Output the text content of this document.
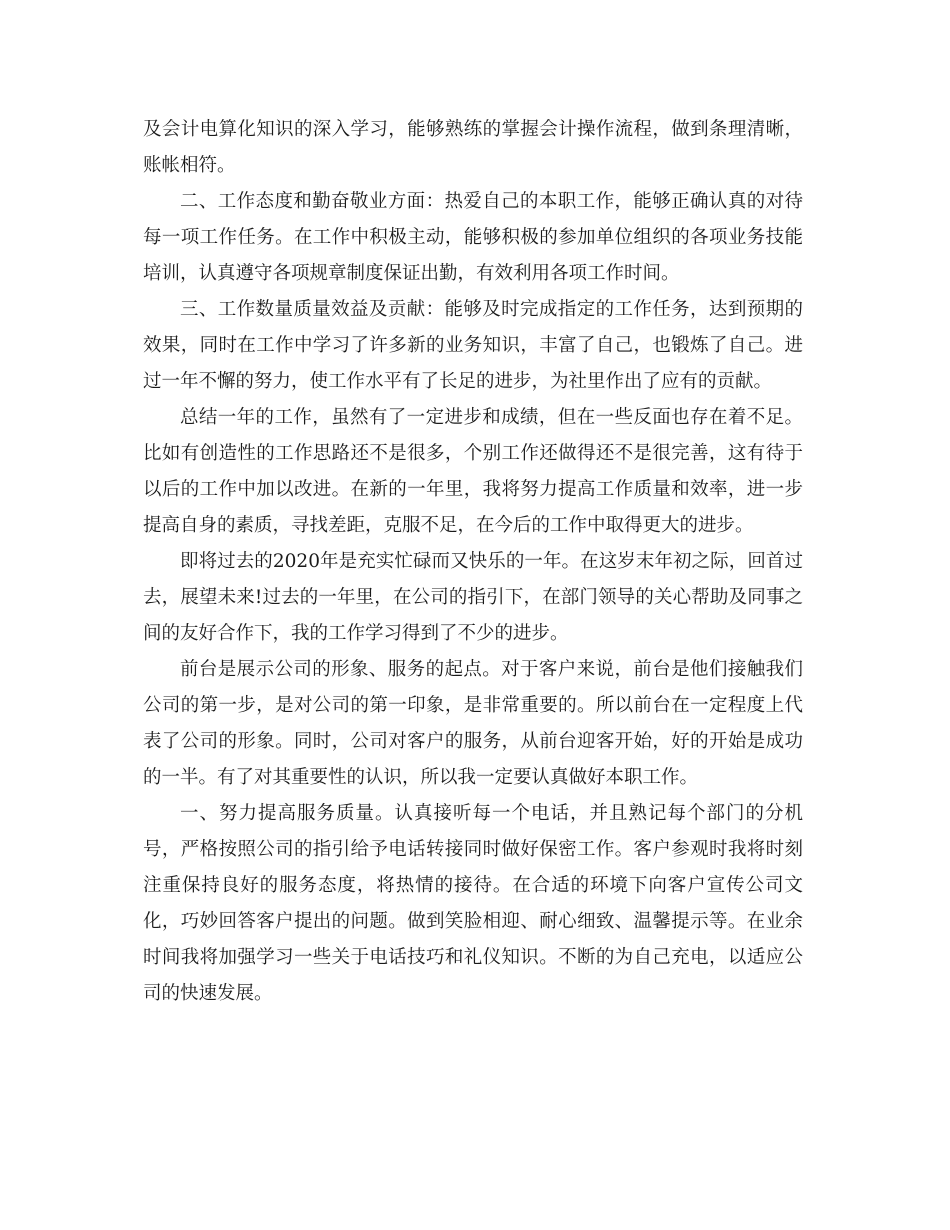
及会计电算化知识的深入学习，能够熟练的掌握会计操作流程，做到条理清晰，账帐相符。

二、工作态度和勤奋敬业方面：热爱自己的本职工作，能够正确认真的对待每一项工作任务。在工作中积极主动，能够积极的参加单位组织的各项业务技能培训，认真遵守各项规章制度保证出勤，有效利用各项工作时间。

三、工作数量质量效益及贡献：能够及时完成指定的工作任务，达到预期的效果，同时在工作中学习了许多新的业务知识，丰富了自己，也锻炼了自己。进过一年不懈的努力，使工作水平有了长足的进步，为社里作出了应有的贡献。

总结一年的工作，虽然有了一定进步和成绩，但在一些反面也存在着不足。比如有创造性的工作思路还不是很多，个别工作还做得还不是很完善，这有待于以后的工作中加以改进。在新的一年里，我将努力提高工作质量和效率，进一步提高自身的素质，寻找差距，克服不足，在今后的工作中取得更大的进步。

即将过去的2020年是充实忙碌而又快乐的一年。在这岁末年初之际，回首过去，展望未来!过去的一年里，在公司的指引下，在部门领导的关心帮助及同事之间的友好合作下，我的工作学习得到了不少的进步。

前台是展示公司的形象、服务的起点。对于客户来说，前台是他们接触我们公司的第一步，是对公司的第一印象，是非常重要的。所以前台在一定程度上代表了公司的形象。同时，公司对客户的服务，从前台迎客开始，好的开始是成功的一半。有了对其重要性的认识，所以我一定要认真做好本职工作。

一、努力提高服务质量。认真接听每一个电话，并且熟记每个部门的分机号，严格按照公司的指引给予电话转接同时做好保密工作。客户参观时我将时刻注重保持良好的服务态度，将热情的接待。在合适的环境下向客户宣传公司文化，巧妙回答客户提出的问题。做到笑脸相迎、耐心细致、温馨提示等。在业余时间我将加强学习一些关于电话技巧和礼仪知识。不断的为自己充电，以适应公司的快速发展。
